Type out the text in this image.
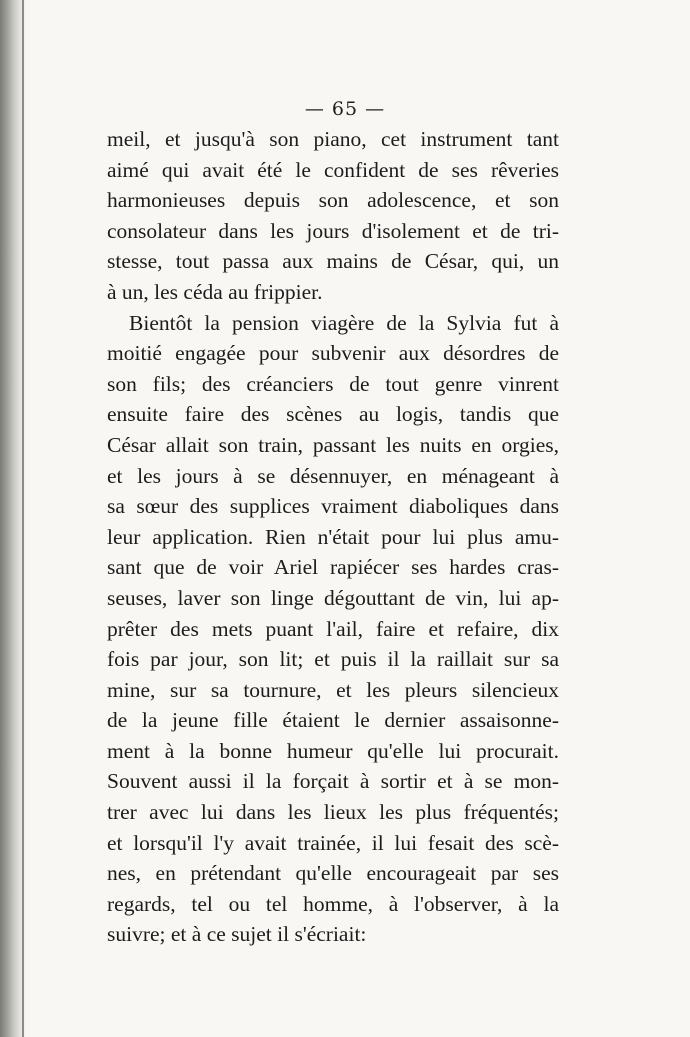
— 65 —
meil, et jusqu'à son piano, cet instrument tant
aimé qui avait été le confident de ses rêveries
harmonieuses depuis son adolescence, et son
consolateur dans les jours d'isolement et de tri-
stesse, tout passa aux mains de César, qui, un
à un, les céda au frippier.
Bientôt la pension viagère de la Sylvia fut à
moitié engagée pour subvenir aux désordres de
son fils; des créanciers de tout genre vinrent
ensuite faire des scènes au logis, tandis que
César allait son train, passant les nuits en orgies,
et les jours à se désennuyer, en ménageant à
sa sœur des supplices vraiment diaboliques dans
leur application. Rien n'était pour lui plus amu-
sant que de voir Ariel rapiécer ses hardes cras-
seuses, laver son linge dégouttant de vin, lui ap-
prêter des mets puant l'ail, faire et refaire, dix
fois par jour, son lit; et puis il la raillait sur sa
mine, sur sa tournure, et les pleurs silencieux
de la jeune fille étaient le dernier assaisonne-
ment à la bonne humeur qu'elle lui procurait.
Souvent aussi il la forçait à sortir et à se mon-
trer avec lui dans les lieux les plus fréquentés;
et lorsqu'il l'y avait trainée, il lui fesait des scè-
nes, en prétendant qu'elle encourageait par ses
regards, tel ou tel homme, à l'observer, à la
suivre; et à ce sujet il s'écriait:
